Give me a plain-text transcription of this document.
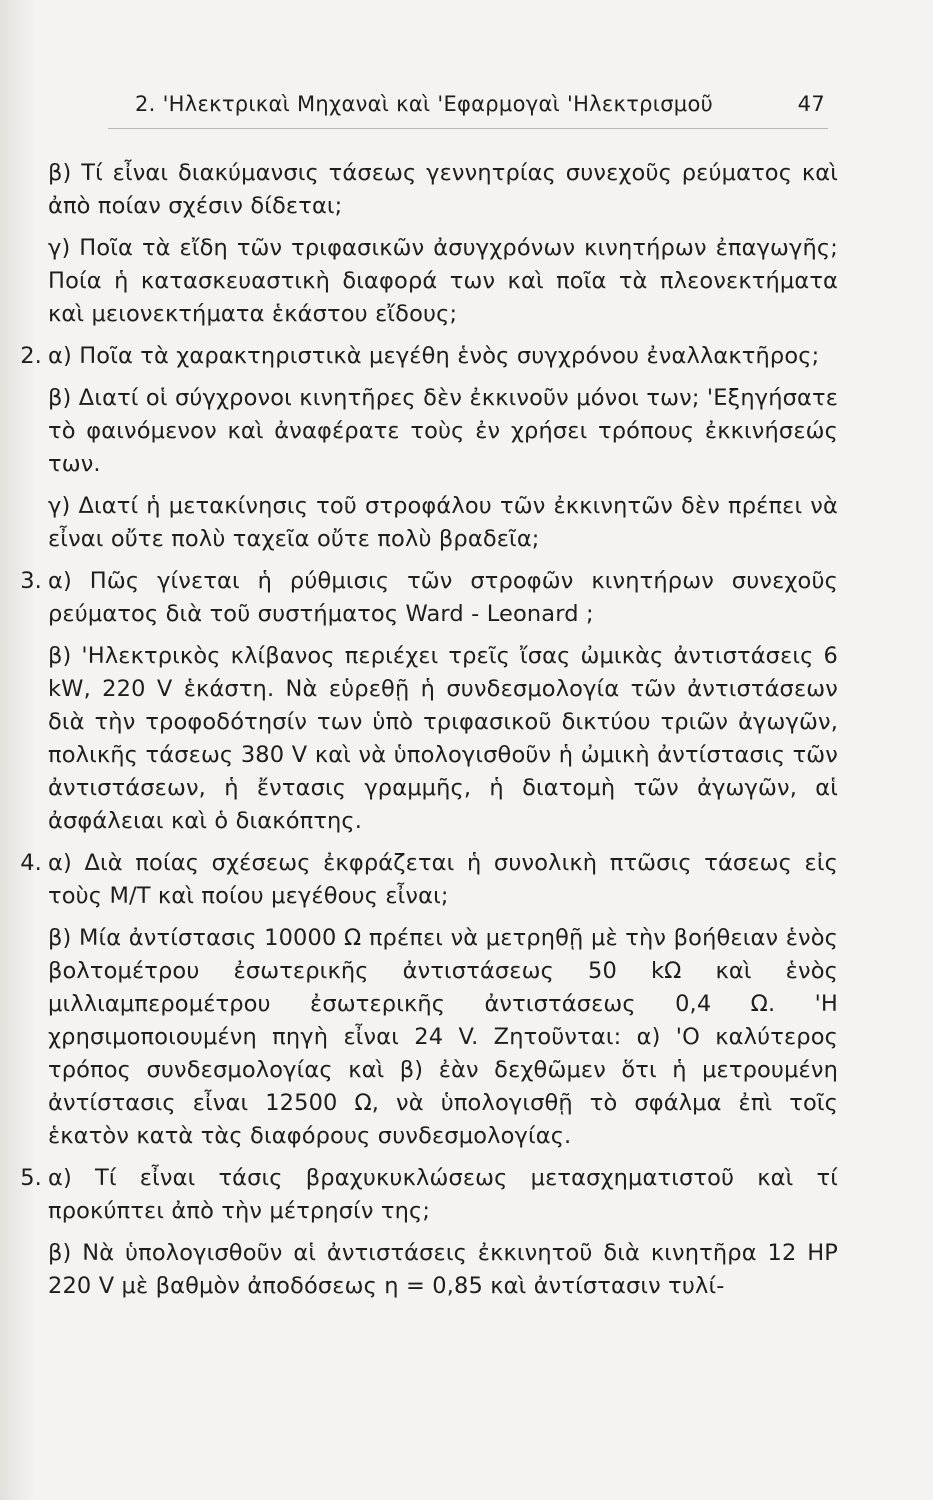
2. 'Ηλεκτρικαὶ Μηχαναὶ καὶ 'Εφαρμογαὶ 'Ηλεκτρισμοῦ	47

β) Τί εἶναι διακύμανσις τάσεως γεννητρίας συνεχοῦς ρεύματος καὶ ἀπὸ ποίαν σχέσιν δίδεται;

γ) Ποῖα τὰ εἴδη τῶν τριφασικῶν ἀσυγχρόνων κινητήρων ἐπαγωγῆς; Ποία ἡ κατασκευαστικὴ διαφορά των καὶ ποῖα τὰ πλεονεκτήματα καὶ μειονεκτήματα ἑκάστου εἴδους;

2. α) Ποῖα τὰ χαρακτηριστικὰ μεγέθη ἑνὸς συγχρόνου ἐναλλακτῆρος;

β) Διατί οἱ σύγχρονοι κινητῆρες δὲν ἐκκινοῦν μόνοι των; 'Εξηγήσατε τὸ φαινόμενον καὶ ἀναφέρατε τοὺς ἐν χρήσει τρόπους ἐκκινήσεώς των.

γ) Διατί ἡ μετακίνησις τοῦ στροφάλου τῶν ἐκκινητῶν δὲν πρέπει νὰ εἶναι οὔτε πολὺ ταχεῖα οὔτε πολὺ βραδεῖα;

3. α) Πῶς γίνεται ἡ ρύθμισις τῶν στροφῶν κινητήρων συνεχοῦς ρεύματος διὰ τοῦ συστήματος Ward - Leonard ;

β) 'Ηλεκτρικὸς κλίβανος περιέχει τρεῖς ἴσας ὠμικὰς ἀντιστάσεις 6 kW, 220 V ἑκάστη. Νὰ εὑρεθῇ ἡ συνδεσμολογία τῶν ἀντιστάσεων διὰ τὴν τροφοδότησίν των ὑπὸ τριφασικοῦ δικτύου τριῶν ἀγωγῶν, πολικῆς τάσεως 380 V καὶ νὰ ὑπολογισθοῦν ἡ ὠμικὴ ἀντίστασις τῶν ἀντιστάσεων, ἡ ἔντασις γραμμῆς, ἡ διατομὴ τῶν ἀγωγῶν, αἱ ἀσφάλειαι καὶ ὁ διακόπτης.

4. α) Διὰ ποίας σχέσεως ἐκφράζεται ἡ συνολικὴ πτῶσις τάσεως εἰς τοὺς Μ/Τ καὶ ποίου μεγέθους εἶναι;

β) Μία ἀντίστασις 10000 Ω πρέπει νὰ μετρηθῇ μὲ τὴν βοήθειαν ἑνὸς βολτομέτρου ἐσωτερικῆς ἀντιστάσεως 50 kΩ καὶ ἑνὸς μιλλιαμπερομέτρου ἐσωτερικῆς ἀντιστάσεως 0,4 Ω. 'Η χρησιμοποιουμένη πηγὴ εἶναι 24 V. Ζητοῦνται: α) 'Ο καλύτερος τρόπος συνδεσμολογίας καὶ β) ἐὰν δεχθῶμεν ὅτι ἡ μετρουμένη ἀντίστασις εἶναι 12500 Ω, νὰ ὑπολογισθῇ τὸ σφάλμα ἐπὶ τοῖς ἑκατὸν κατὰ τὰς διαφόρους συνδεσμολογίας.

5. α) Τί εἶναι τάσις βραχυκυκλώσεως μετασχηματιστοῦ καὶ τί προκύπτει ἀπὸ τὴν μέτρησίν της;

β) Νὰ ὑπολογισθοῦν αἱ ἀντιστάσεις ἐκκινητοῦ διὰ κινητῆρα 12 HP 220 V μὲ βαθμὸν ἀποδόσεως η = 0,85 καὶ ἀντίστασιν τυλί-
